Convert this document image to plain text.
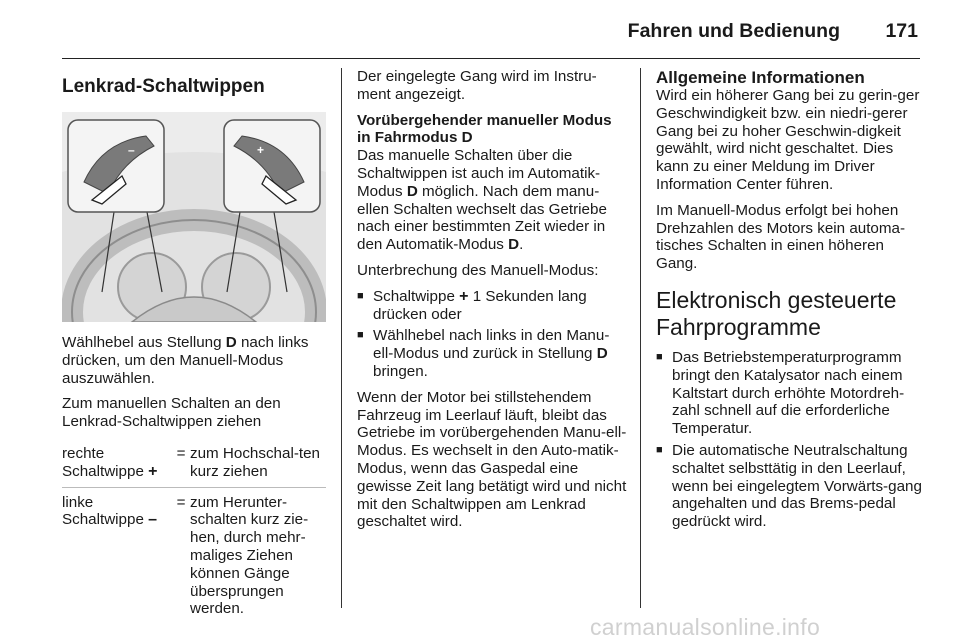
Fahren und Bedienung 171
Lenkrad-Schaltwippen
–	+

Wählhebel aus Stellung D nach links drücken, um den Manuell-Modus auszuwählen.

Zum manuellen Schalten an den Lenkrad-Schaltwippen ziehen

rechte Schaltwippe +
= zum Hochschal-ten kurz ziehen
linke Schaltwippe –
= zum Herunter-schalten kurz zie-hen, durch mehr-maliges Ziehen können Gänge übersprungen werden.

Der eingelegte Gang wird im Instru-ment angezeigt.

Vorübergehender manueller Modus in Fahrmodus D

Das manuelle Schalten über die Schaltwippen ist auch im Automatik-Modus D möglich. Nach dem manu-ellen Schalten wechselt das Getriebe nach einer bestimmten Zeit wieder in den Automatik-Modus D.

Unterbrechung des Manuell-Modus:

■ Schaltwippe + 1 Sekunden lang drücken oder
■ Wählhebel nach links in den Manu-ell-Modus und zurück in Stellung D bringen.

Wenn der Motor bei stillstehendem Fahrzeug im Leerlauf läuft, bleibt das Getriebe im vorübergehenden Manu-ell-Modus. Es wechselt in den Auto-matik-Modus, wenn das Gaspedal eine gewisse Zeit lang betätigt wird und nicht mit den Schaltwippen am Lenkrad geschaltet wird.

Allgemeine Informationen

Wird ein höherer Gang bei zu gerin-ger Geschwindigkeit bzw. ein niedri-gerer Gang bei zu hoher Geschwin-digkeit gewählt, wird nicht geschaltet. Dies kann zu einer Meldung im Driver Information Center führen.

Im Manuell-Modus erfolgt bei hohen Drehzahlen des Motors kein automa-tisches Schalten in einen höheren Gang.

Elektronisch gesteuerte Fahrprogramme
■ Das Betriebstemperaturprogramm bringt den Katalysator nach einem Kaltstart durch erhöhte Motordreh-zahl schnell auf die erforderliche Temperatur.
■ Die automatische Neutralschaltung schaltet selbsttätig in den Leerlauf, wenn bei eingelegtem Vorwärts-gang angehalten und das Brems-pedal gedrückt wird.
carmanualsonline.info
